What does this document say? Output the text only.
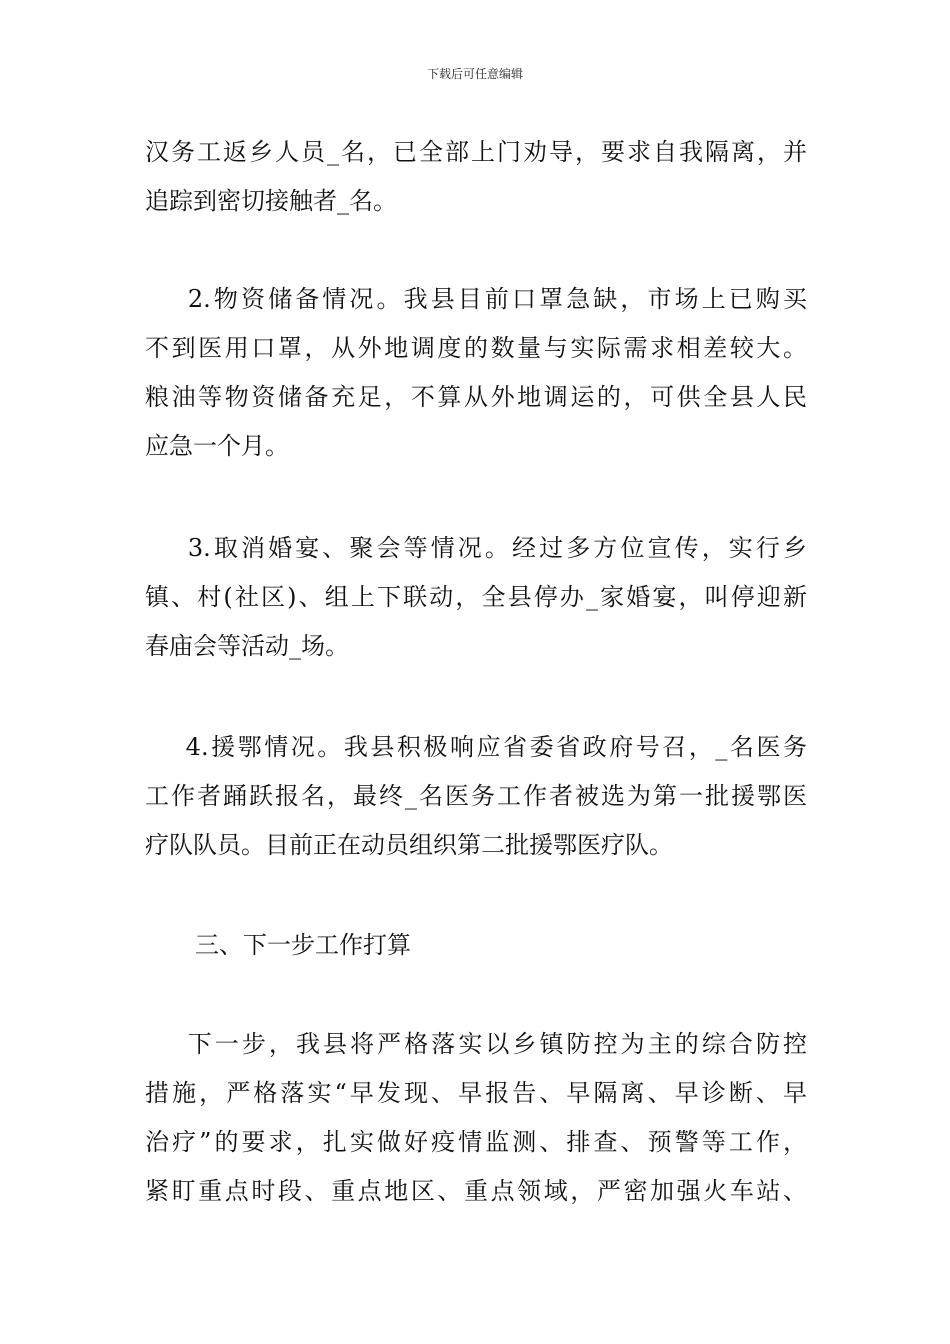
下载后可任意编辑
汉务工返乡人员_名，已全部上门劝导，要求自我隔离，并
追踪到密切接触者_名。
2.物资储备情况。我县目前口罩急缺，市场上已购买
不到医用口罩，从外地调度的数量与实际需求相差较大。
粮油等物资储备充足，不算从外地调运的，可供全县人民
应急一个月。
3.取消婚宴、聚会等情况。经过多方位宣传，实行乡
镇、村(社区)、组上下联动，全县停办_家婚宴，叫停迎新
春庙会等活动_场。
4.援鄂情况。我县积极响应省委省政府号召，_名医务
工作者踊跃报名，最终_名医务工作者被选为第一批援鄂医
疗队队员。目前正在动员组织第二批援鄂医疗队。
三、下一步工作打算
下一步，我县将严格落实以乡镇防控为主的综合防控
措施，严格落实“早发现、早报告、早隔离、早诊断、早
治疗”的要求，扎实做好疫情监测、排查、预警等工作，
紧盯重点时段、重点地区、重点领域，严密加强火车站、
